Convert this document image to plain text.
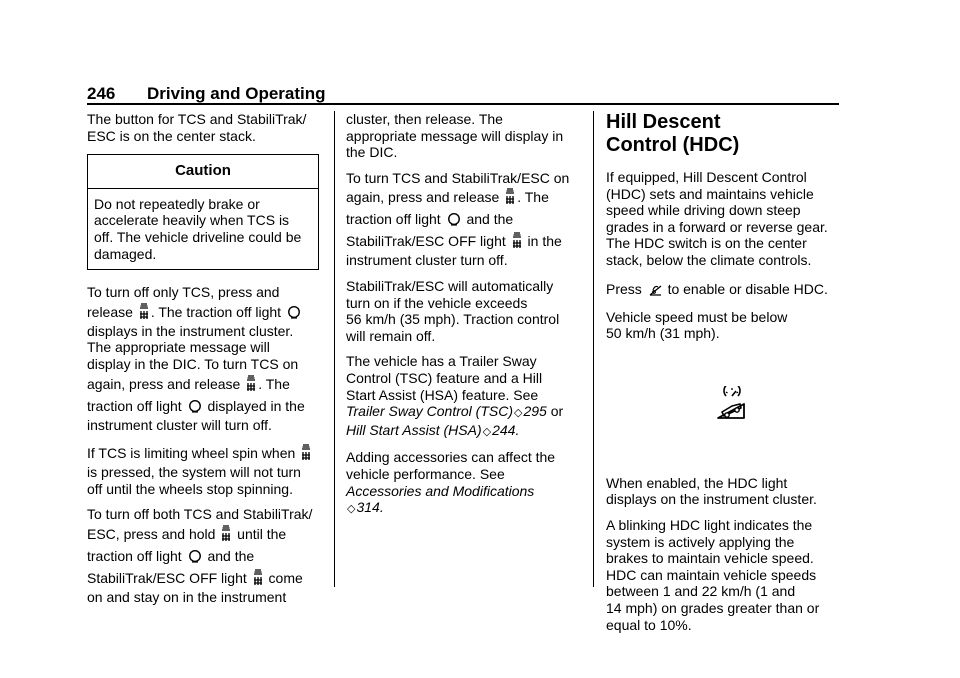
246 Driving and Operating

The button for TCS and StabiliTrak/
ESC is on the center stack.

Caution
Do not repeatedly brake or
accelerate heavily when TCS is
off. The vehicle driveline could be
damaged.

To turn off only TCS, press and
release . The traction off light
displays in the instrument cluster.
The appropriate message will
display in the DIC. To turn TCS on
again, press and release . The
traction off light  displayed in the
instrument cluster will turn off.

If TCS is limiting wheel spin when
is pressed, the system will not turn
off until the wheels stop spinning.

To turn off both TCS and StabiliTrak/
ESC, press and hold  until the
traction off light  and the
StabiliTrak/ESC OFF light  come
on and stay on in the instrument

cluster, then release. The
appropriate message will display in
the DIC.

To turn TCS and StabiliTrak/ESC on
again, press and release . The
traction off light  and the
StabiliTrak/ESC OFF light  in the
instrument cluster turn off.

StabiliTrak/ESC will automatically
turn on if the vehicle exceeds
56 km/h (35 mph). Traction control
will remain off.

The vehicle has a Trailer Sway
Control (TSC) feature and a Hill
Start Assist (HSA) feature. See
Trailer Sway Control (TSC)◇295 or
Hill Start Assist (HSA)◇244.

Adding accessories can affect the
vehicle performance. See
Accessories and Modifications
◇314.

Hill Descent
Control (HDC)

If equipped, Hill Descent Control
(HDC) sets and maintains vehicle
speed while driving down steep
grades in a forward or reverse gear.
The HDC switch is on the center
stack, below the climate controls.

Press  to enable or disable HDC.

Vehicle speed must be below
50 km/h (31 mph).

When enabled, the HDC light
displays on the instrument cluster.

A blinking HDC light indicates the
system is actively applying the
brakes to maintain vehicle speed.
HDC can maintain vehicle speeds
between 1 and 22 km/h (1 and
14 mph) on grades greater than or
equal to 10%.
